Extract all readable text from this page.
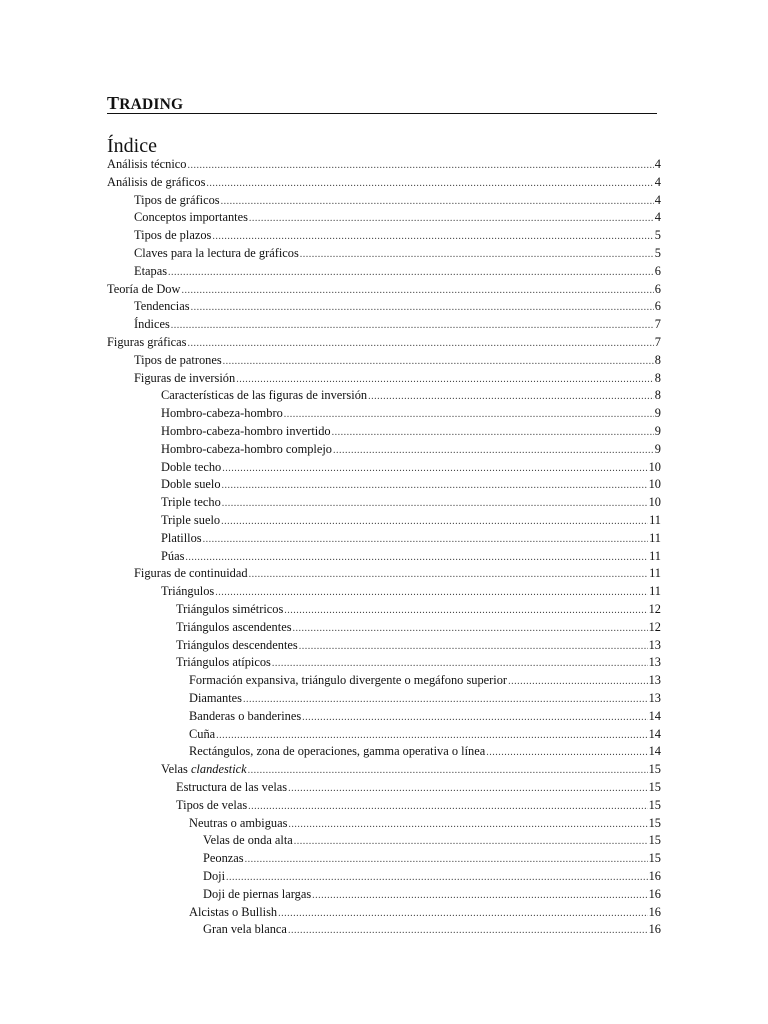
TRADING
Índice
Análisis técnico .....	4
Análisis de gráficos .....	4
Tipos de gráficos .....	4
Conceptos importantes .....	4
Tipos de plazos .....	5
Claves para la lectura de gráficos .....	5
Etapas .....	6
Teoría de Dow .....	6
Tendencias .....	6
Índices .....	7
Figuras gráficas .....	7
Tipos de patrones .....	8
Figuras de inversión .....	8
Características de las figuras de inversión .....	8
Hombro-cabeza-hombro .....	9
Hombro-cabeza-hombro invertido .....	9
Hombro-cabeza-hombro complejo .....	9
Doble techo .....	10
Doble suelo .....	10
Triple techo .....	10
Triple suelo .....	11
Platillos .....	11
Púas .....	11
Figuras de continuidad .....	11
Triángulos .....	11
Triángulos simétricos .....	12
Triángulos ascendentes .....	12
Triángulos descendentes .....	13
Triángulos atípicos .....	13
Formación expansiva, triángulo divergente o megáfono superior .....	13
Diamantes .....	13
Banderas o banderines .....	14
Cuña .....	14
Rectángulos, zona de operaciones, gamma operativa o línea .....	14
Velas clandestick .....	15
Estructura de las velas .....	15
Tipos de velas .....	15
Neutras o ambiguas .....	15
Velas de onda alta .....	15
Peonzas .....	15
Doji .....	16
Doji de piernas largas .....	16
Alcistas o Bullish .....	16
Gran vela blanca .....	16
